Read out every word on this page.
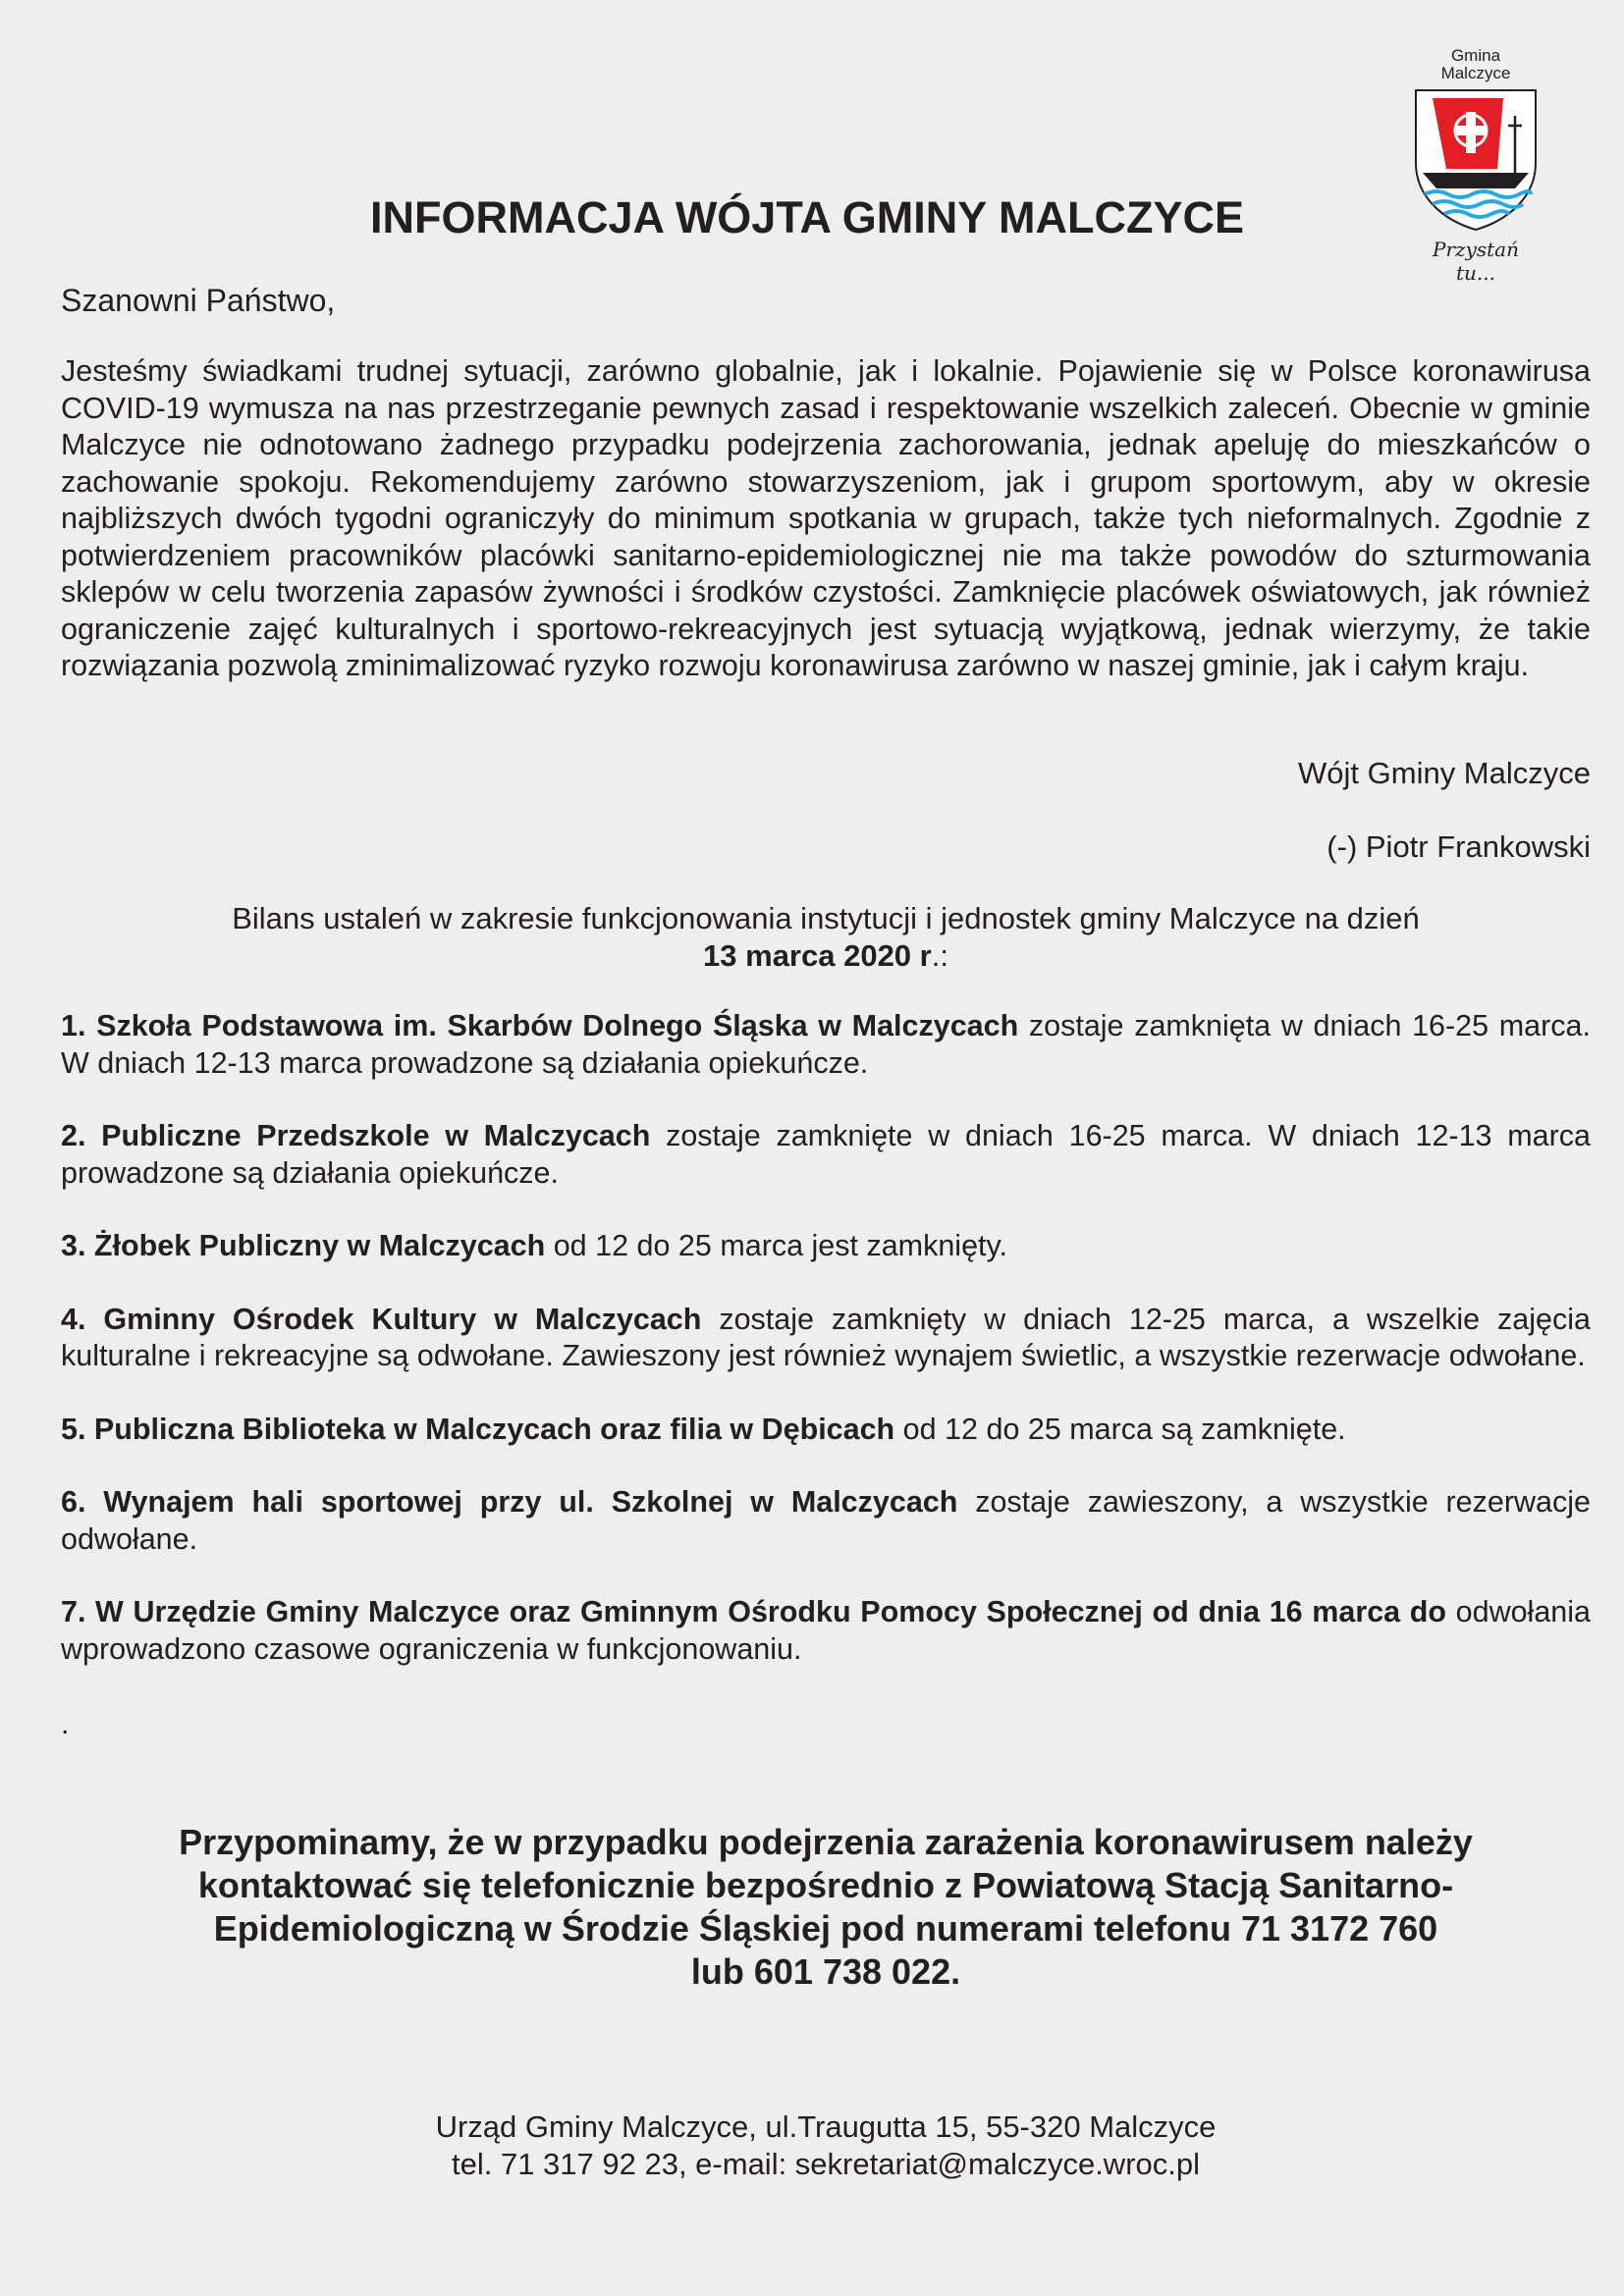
Gmina
Malczyce
Przystań tu...
INFORMACJA WÓJTA GMINY MALCZYCE
Szanowni Państwo,
Jesteśmy świadkami trudnej sytuacji, zarówno globalnie, jak i lokalnie. Pojawienie się w Polsce koronawirusa COVID-19 wymusza na nas przestrzeganie pewnych zasad i respektowanie wszelkich zaleceń. Obecnie w gminie Malczyce nie odnotowano żadnego przypadku podejrzenia zachorowania, jednak apeluję do mieszkańców o zachowanie spokoju. Rekomendujemy zarówno stowarzyszeniom, jak i grupom sportowym, aby w okresie najbliższych dwóch tygodni ograniczyły do minimum spotkania w grupach, także tych nieformalnych. Zgodnie z potwierdzeniem pracowników placówki sanitarno-epidemiologicznej nie ma także powodów do szturmowania sklepów w celu tworzenia zapasów żywności i środków czystości. Zamknięcie placówek oświatowych, jak również ograniczenie zajęć kulturalnych i sportowo-rekreacyjnych jest sytuacją wyjątkową, jednak wierzymy, że takie rozwiązania pozwolą zminimalizować ryzyko rozwoju koronawirusa zarówno w naszej gminie, jak i całym kraju.
Wójt Gminy Malczyce
(-) Piotr Frankowski
Bilans ustaleń w zakresie funkcjonowania instytucji i jednostek gminy Malczyce na dzień
13 marca 2020 r.:
1. Szkoła Podstawowa im. Skarbów Dolnego Śląska w Malczycach zostaje zamknięta w dniach 16-25 marca. W dniach 12-13 marca prowadzone są działania opiekuńcze.
2. Publiczne Przedszkole w Malczycach zostaje zamknięte w dniach 16-25 marca. W dniach 12-13 marca prowadzone są działania opiekuńcze.
3. Żłobek Publiczny w Malczycach od 12 do 25 marca jest zamknięty.
4. Gminny Ośrodek Kultury w Malczycach zostaje zamknięty w dniach 12-25 marca, a wszelkie zajęcia kulturalne i rekreacyjne są odwołane. Zawieszony jest również wynajem świetlic, a wszystkie rezerwacje odwołane.
5. Publiczna Biblioteka w Malczycach oraz filia w Dębicach od 12 do 25 marca są zamknięte.
6. Wynajem hali sportowej przy ul. Szkolnej w Malczycach zostaje zawieszony, a wszystkie rezerwacje odwołane.
7. W Urzędzie Gminy Malczyce oraz Gminnym Ośrodku Pomocy Społecznej od dnia 16 marca do odwołania wprowadzono czasowe ograniczenia w funkcjonowaniu.
.
Przypominamy, że w przypadku podejrzenia zarażenia koronawirusem należy
kontaktować się telefonicznie bezpośrednio z Powiatową Stacją Sanitarno-
Epidemiologiczną w Środzie Śląskiej pod numerami telefonu 71 3172 760
lub 601 738 022.
Urząd Gminy Malczyce, ul.Traugutta 15, 55-320 Malczyce
tel. 71 317 92 23, e-mail: sekretariat@malczyce.wroc.pl
